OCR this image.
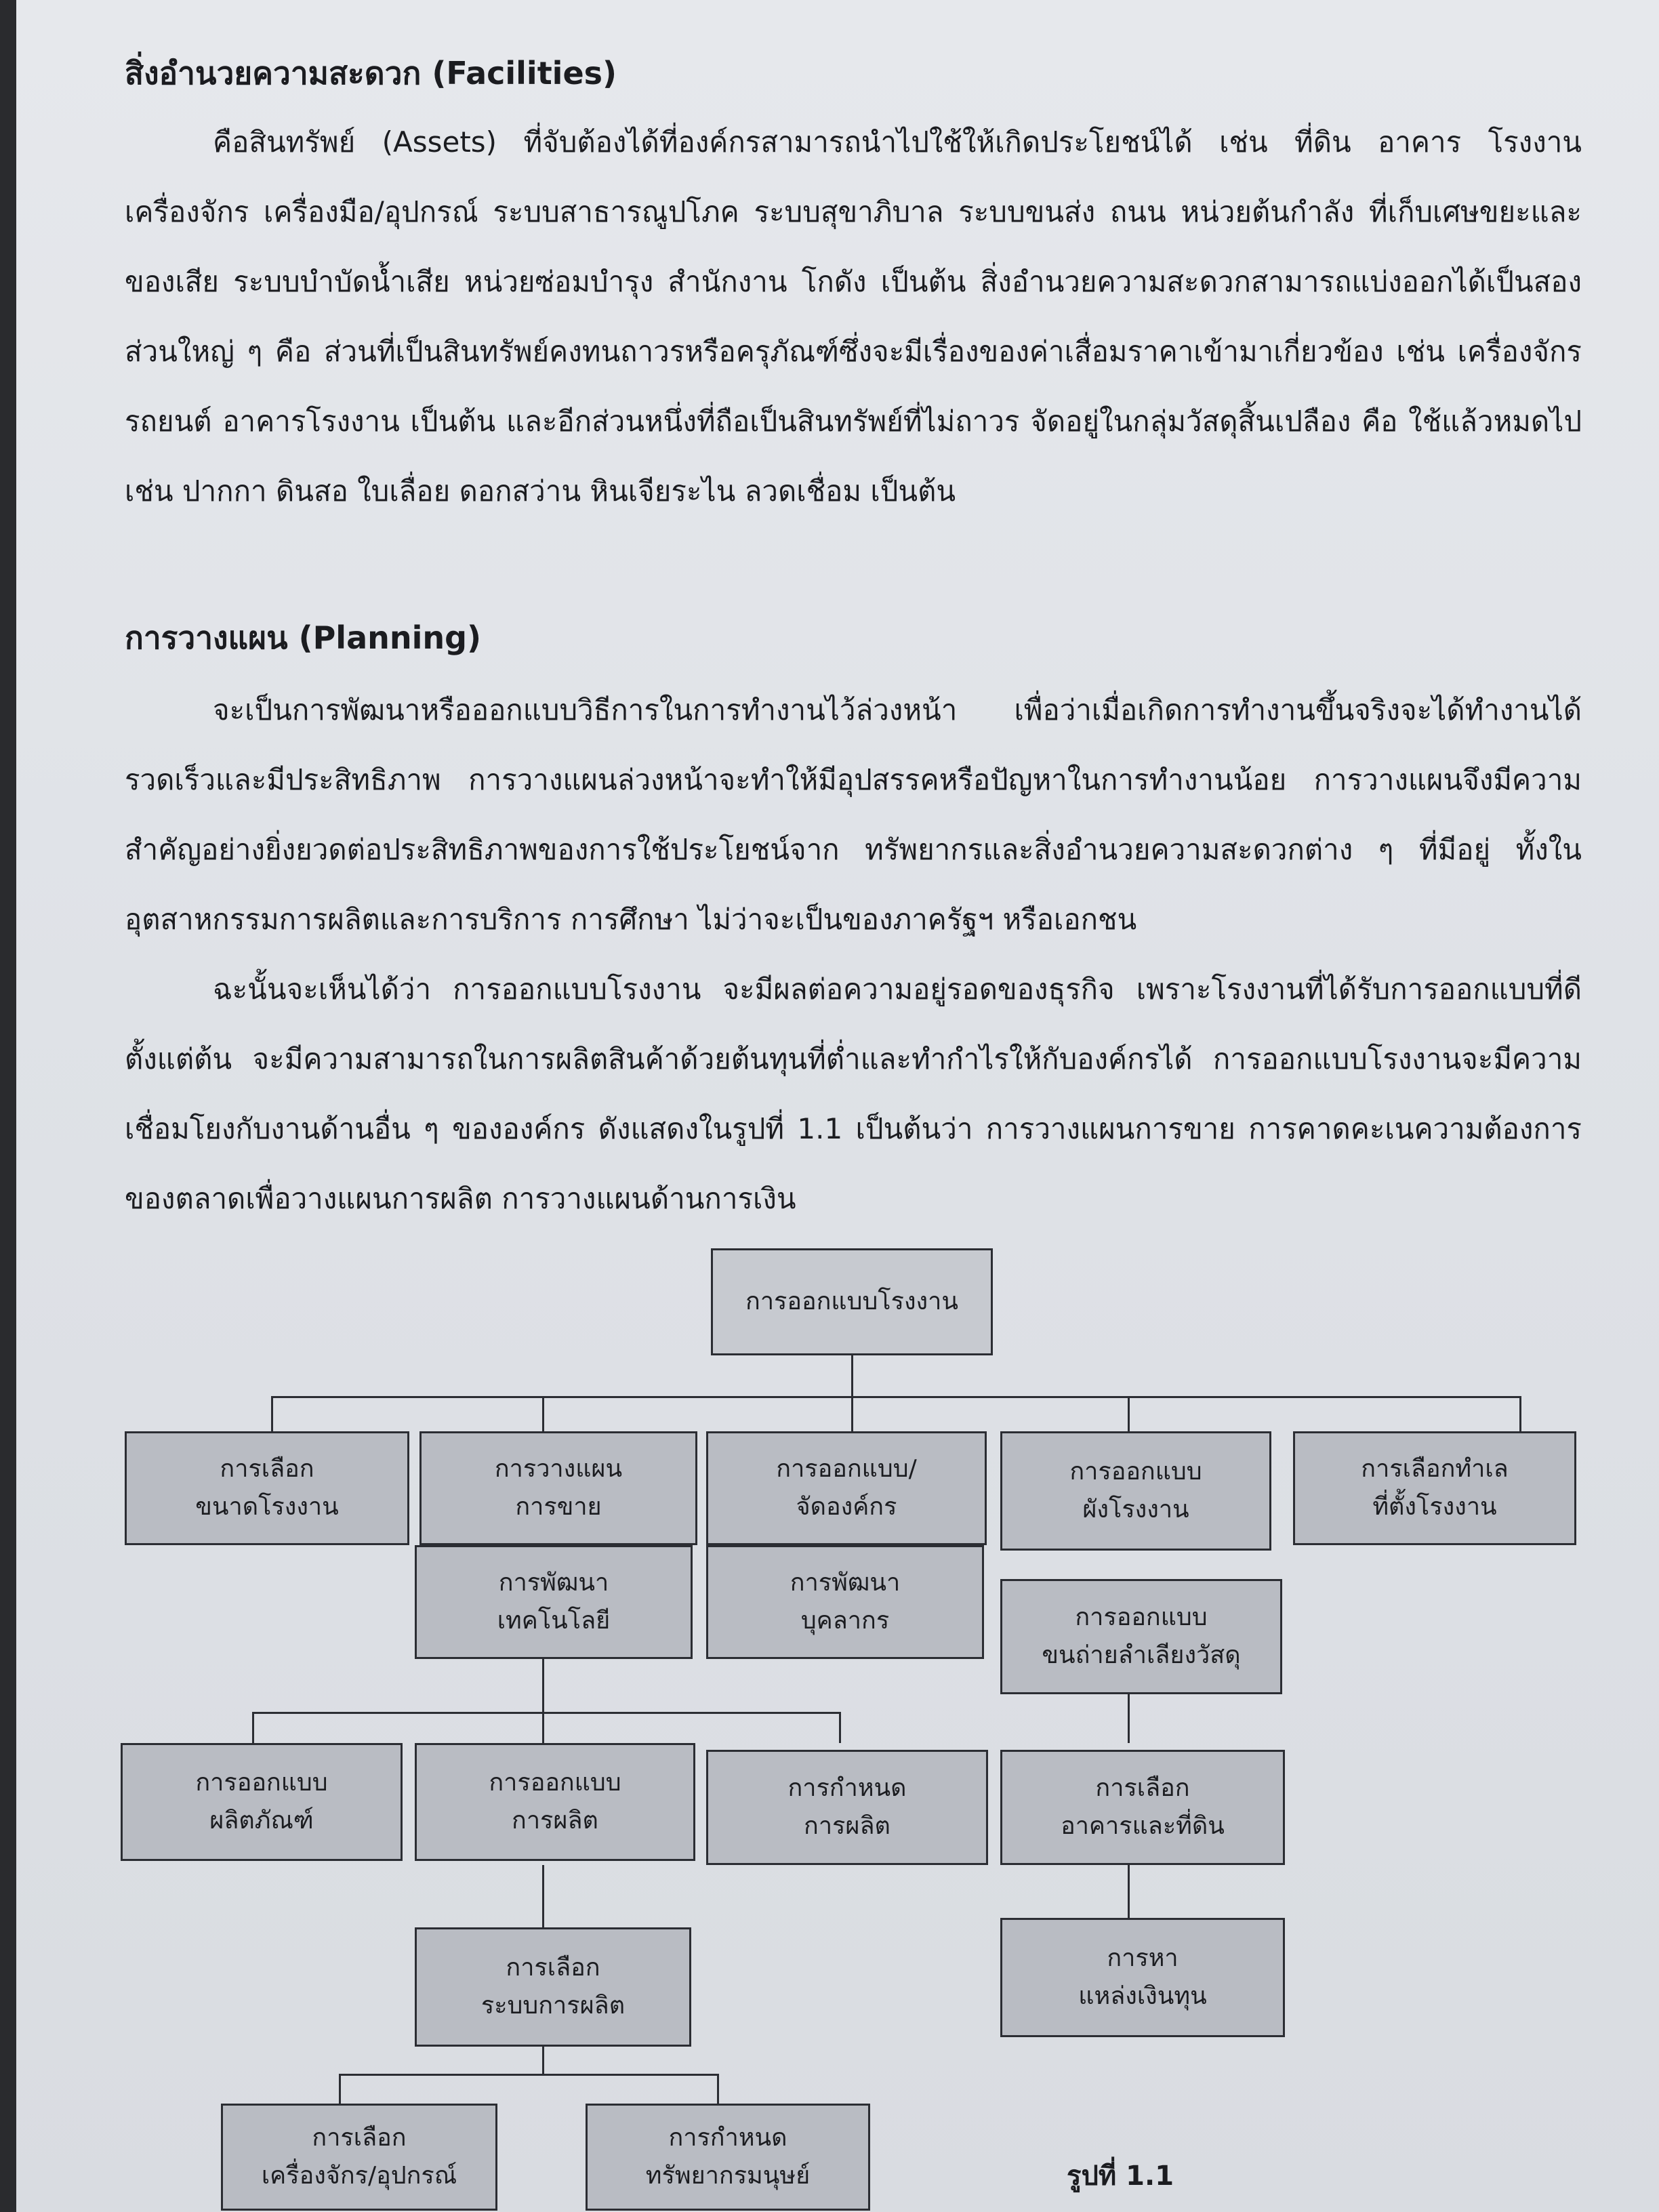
สิ่งอำนวยความสะดวก (Facilities)

คือสินทรัพย์ (Assets) ที่จับต้องได้ที่องค์กรสามารถนำไปใช้ให้เกิดประโยชน์ได้ เช่น ที่ดิน อาคาร โรงงาน เครื่องจักร เครื่องมือ/อุปกรณ์ ระบบสาธารณูปโภค ระบบสุขาภิบาล ระบบขนส่ง ถนน หน่วยต้นกำลัง ที่เก็บเศษขยะและของเสีย ระบบบำบัดน้ำเสีย หน่วยซ่อมบำรุง สำนักงาน โกดัง เป็นต้น สิ่งอำนวยความสะดวกสามารถแบ่งออกได้เป็นสองส่วนใหญ่ ๆ คือ ส่วนที่เป็นสินทรัพย์คงทนถาวรหรือครุภัณฑ์ซึ่งจะมีเรื่องของค่าเสื่อมราคาเข้ามาเกี่ยวข้อง เช่น เครื่องจักร รถยนต์ อาคารโรงงาน เป็นต้น และอีกส่วนหนึ่งที่ถือเป็นสินทรัพย์ที่ไม่ถาวร จัดอยู่ในกลุ่มวัสดุสิ้นเปลือง คือ ใช้แล้วหมดไป เช่น ปากกา ดินสอ ใบเลื่อย ดอกสว่าน หินเจียระไน ลวดเชื่อม เป็นต้น

การวางแผน (Planning)

จะเป็นการพัฒนาหรือออกแบบวิธีการในการทำงานไว้ล่วงหน้า เพื่อว่าเมื่อเกิดการทำงานขึ้นจริงจะได้ทำงานได้รวดเร็วและมีประสิทธิภาพ การวางแผนล่วงหน้าจะทำให้มีอุปสรรคหรือปัญหาในการทำงานน้อย การวางแผนจึงมีความสำคัญอย่างยิ่งยวดต่อประสิทธิภาพของการใช้ประโยชน์จาก ทรัพยากรและสิ่งอำนวยความสะดวกต่าง ๆ ที่มีอยู่ ทั้งในอุตสาหกรรมการผลิตและการบริการ การศึกษา ไม่ว่าจะเป็นของภาครัฐฯ หรือเอกชน

ฉะนั้นจะเห็นได้ว่า การออกแบบโรงงาน จะมีผลต่อความอยู่รอดของธุรกิจ เพราะโรงงานที่ได้รับการออกแบบที่ดีตั้งแต่ต้น จะมีความสามารถในการผลิตสินค้าด้วยต้นทุนที่ต่ำและทำกำไรให้กับองค์กรได้ การออกแบบโรงงานจะมีความเชื่อมโยงกับงานด้านอื่น ๆ ขององค์กร ดังแสดงในรูปที่ 1.1 เป็นต้นว่า การวางแผนการขาย การคาดคะเนความต้องการของตลาดเพื่อวางแผนการผลิต การวางแผนด้านการเงิน

การออกแบบโรงงาน
การเลือก
ขนาดโรงงาน
การวางแผน
การขาย
การออกแบบ/
จัดองค์กร
การออกแบบ
ผังโรงงาน
การเลือกทำเล
ที่ตั้งโรงงาน
การพัฒนา
เทคโนโลยี
การพัฒนา
บุคลากร	การออกแบบ
ขนถ่ายลำเลียงวัสดุ
การออกแบบ
ผลิตภัณฑ์
การออกแบบ
การผลิต
การกำหนด
การผลิต
การเลือก
อาคารและที่ดิน
การเลือก
ระบบการผลิต
การหา
แหล่งเงินทุน
การเลือก
เครื่องจักร/อุปกรณ์
การกำหนด
ทรัพยากรมนุษย์	รูปที่ 1.1
